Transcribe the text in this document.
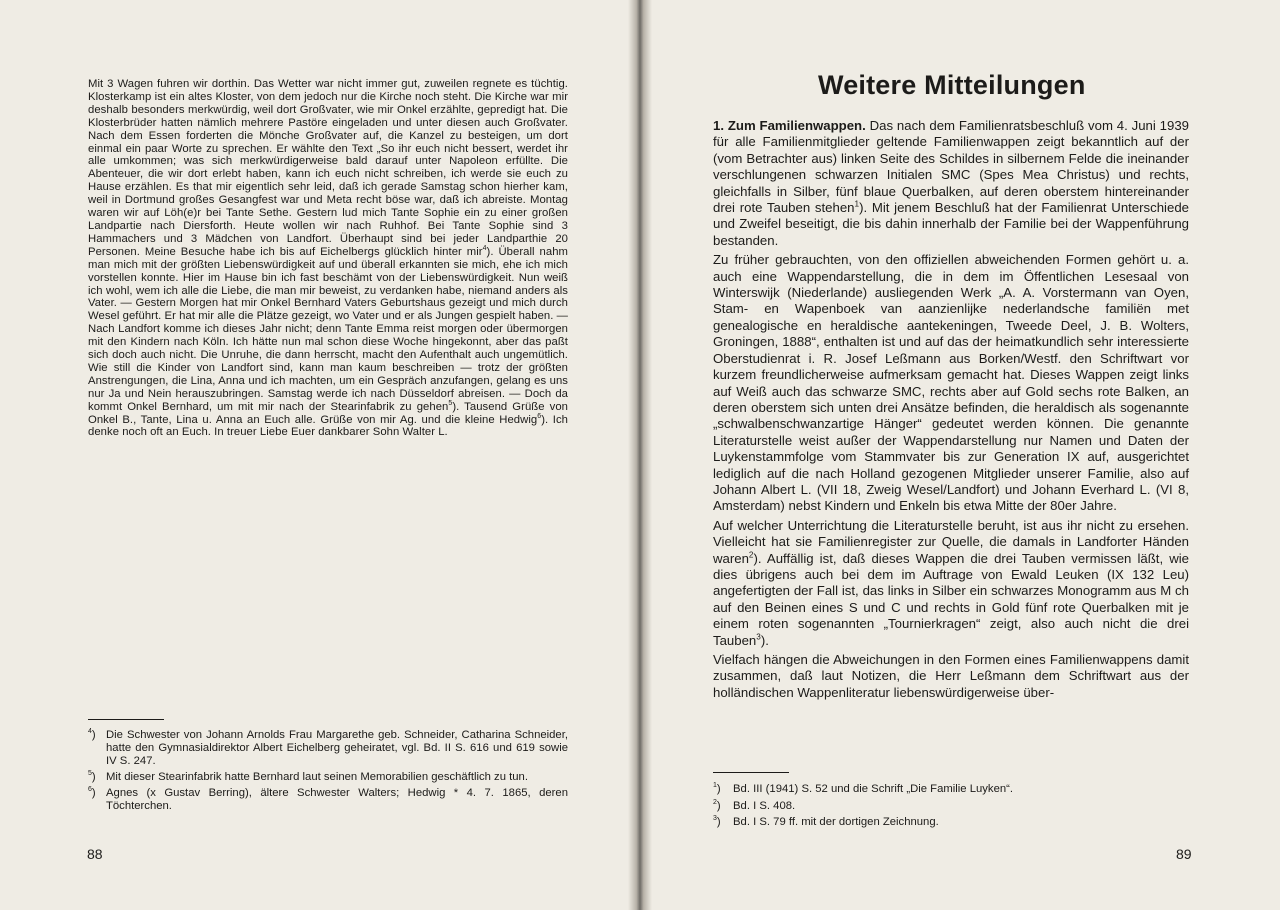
Mit 3 Wagen fuhren wir dorthin. Das Wetter war nicht immer gut, zuweilen regnete es tüchtig. Klosterkamp ist ein altes Kloster, von dem jedoch nur die Kirche noch steht. Die Kirche war mir deshalb besonders merkwürdig, weil dort Großvater, wie mir Onkel erzählte, gepredigt hat. Die Klosterbrüder hatten nämlich mehrere Pastöre eingeladen und unter diesen auch Großvater. Nach dem Essen forderten die Mönche Großvater auf, die Kanzel zu besteigen, um dort einmal ein paar Worte zu sprechen. Er wählte den Text „So ihr euch nicht bessert, werdet ihr alle umkommen; was sich merkwürdigerweise bald darauf unter Napoleon erfüllte. Die Abenteuer, die wir dort erlebt haben, kann ich euch nicht schreiben, ich werde sie euch zu Hause erzählen. Es that mir eigentlich sehr leid, daß ich gerade Samstag schon hierher kam, weil in Dortmund großes Gesangfest war und Meta recht böse war, daß ich abreiste. Montag waren wir auf Löh(e)r bei Tante Sethe. Gestern lud mich Tante Sophie ein zu einer großen Landpartie nach Diersforth. Heute wollen wir nach Ruhhof. Bei Tante Sophie sind 3 Hammachers und 3 Mädchen von Landfort. Überhaupt sind bei jeder Landparthie 20 Personen. Meine Besuche habe ich bis auf Eichelbergs glücklich hinter mir$^4$). Überall nahm man mich mit der größten Liebenswürdigkeit auf und überall erkannten sie mich, ehe ich mich vorstellen konnte. Hier im Hause bin ich fast beschämt von der Liebenswürdigkeit. Nun weiß ich wohl, wem ich alle die Liebe, die man mir beweist, zu verdanken habe, niemand anders als Vater. — Gestern Morgen hat mir Onkel Bernhard Vaters Geburtshaus gezeigt und mich durch Wesel geführt. Er hat mir alle die Plätze gezeigt, wo Vater und er als Jungen gespielt haben. — Nach Landfort komme ich dieses Jahr nicht; denn Tante Emma reist morgen oder übermorgen mit den Kindern nach Köln. Ich hätte nun mal schon diese Woche hingekonnt, aber das paßt sich doch auch nicht. Die Unruhe, die dann herrscht, macht den Aufenthalt auch ungemütlich. Wie still die Kinder von Landfort sind, kann man kaum beschreiben — trotz der größten Anstrengungen, die Lina, Anna und ich machten, um ein Gespräch anzufangen, gelang es uns nur Ja und Nein herauszubringen. Samstag werde ich nach Düsseldorf abreisen. — Doch da kommt Onkel Bernhard, um mit mir nach der Stearinfabrik zu gehen$^5$). Tausend Grüße von Onkel B., Tante, Lina u. Anna an Euch alle. Grüße von mir Ag. und die kleine Hedwig$^6$). Ich denke noch oft an Euch. In treuer Liebe Euer dankbarer Sohn Walter L.

$^4$) Die Schwester von Johann Arnolds Frau Margarethe geb. Schneider, Catharina Schneider, hatte den Gymnasialdirektor Albert Eichelberg geheiratet, vgl. Bd. II S. 616 und 619 sowie IV S. 247.
$^5$) Mit dieser Stearinfabrik hatte Bernhard laut seinen Memorabilien geschäftlich zu tun.
$^6$) Agnes (x Gustav Berring), ältere Schwester Walters; Hedwig * 4. 7. 1865, deren Töchterchen.
88
Weitere Mitteilungen

1. Zum Familienwappen. Das nach dem Familienratsbeschluß vom 4. Juni 1939 für alle Familienmitglieder geltende Familienwappen zeigt bekanntlich auf der (vom Betrachter aus) linken Seite des Schildes in silbernem Felde die ineinander verschlungenen schwarzen Initialen SMC (Spes Mea Christus) und rechts, gleichfalls in Silber, fünf blaue Querbalken, auf deren oberstem hintereinander drei rote Tauben stehen$^1$). Mit jenem Beschluß hat der Familienrat Unterschiede und Zweifel beseitigt, die bis dahin innerhalb der Familie bei der Wappenführung bestanden.

Zu früher gebrauchten, von den offiziellen abweichenden Formen gehört u. a. auch eine Wappendarstellung, die in dem im Öffentlichen Lesesaal von Winterswijk (Niederlande) ausliegenden Werk „A. A. Vorstermann van Oyen, Stam- en Wapenboek van aanzienlijke nederlandsche familiën met genealogische en heraldische aantekeningen, Tweede Deel, J. B. Wolters, Groningen, 1888“, enthalten ist und auf das der heimatkundlich sehr interessierte Oberstudienrat i. R. Josef Leßmann aus Borken/Westf. den Schriftwart vor kurzem freundlicherweise aufmerksam gemacht hat. Dieses Wappen zeigt links auf Weiß auch das schwarze SMC, rechts aber auf Gold sechs rote Balken, an deren oberstem sich unten drei Ansätze befinden, die heraldisch als sogenannte „schwalbenschwanzartige Hänger“ gedeutet werden können. Die genannte Literaturstelle weist außer der Wappendarstellung nur Namen und Daten der Luykenstammfolge vom Stammvater bis zur Generation IX auf, ausgerichtet lediglich auf die nach Holland gezogenen Mitglieder unserer Familie, also auf Johann Albert L. (VII 18, Zweig Wesel/Landfort) und Johann Everhard L. (VI 8, Amsterdam) nebst Kindern und Enkeln bis etwa Mitte der 80er Jahre.

Auf welcher Unterrichtung die Literaturstelle beruht, ist aus ihr nicht zu ersehen. Vielleicht hat sie Familienregister zur Quelle, die damals in Landforter Händen waren$^2$). Auffällig ist, daß dieses Wappen die drei Tauben vermissen läßt, wie dies übrigens auch bei dem im Auftrage von Ewald Leuken (IX 132 Leu) angefertigten der Fall ist, das links in Silber ein schwarzes Monogramm aus M ch auf den Beinen eines S und C und rechts in Gold fünf rote Querbalken mit je einem roten sogenannten „Tournierkragen“ zeigt, also auch nicht die drei Tauben$^3$).

Vielfach hängen die Abweichungen in den Formen eines Familienwappens damit zusammen, daß laut Notizen, die Herr Leßmann dem Schriftwart aus der holländischen Wappenliteratur liebenswürdigerweise über-

$^1$) Bd. III (1941) S. 52 und die Schrift „Die Familie Luyken“.
$^2$) Bd. I S. 408.
$^3$) Bd. I S. 79 ff. mit der dortigen Zeichnung.
89
